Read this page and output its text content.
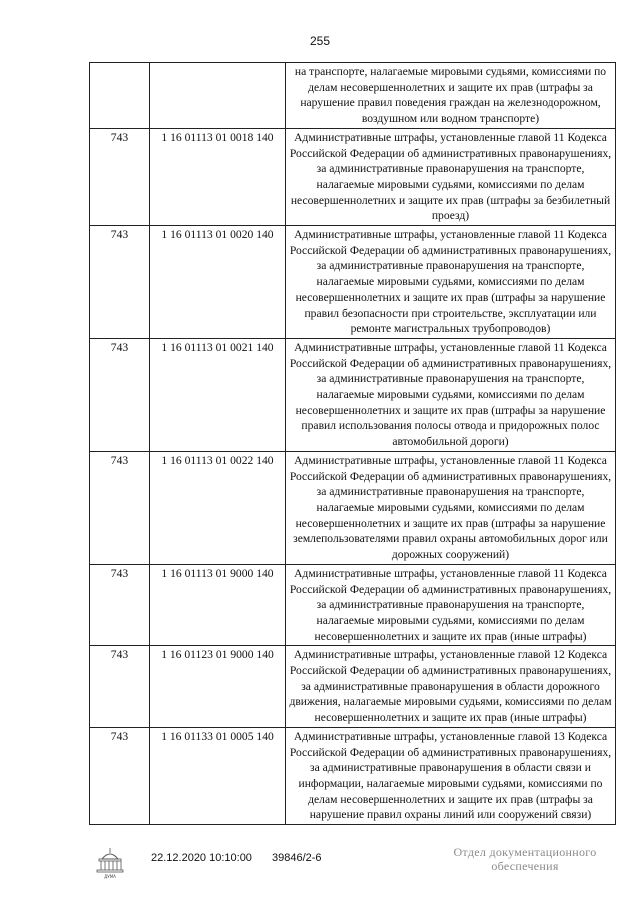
255
		на транспорте, налагаемые мировыми судьями, комиссиями по делам несовершеннолетних и защите их прав (штрафы за нарушение правил поведения граждан на железнодорожном, воздушном или водном транспорте)
743	1 16 01113 01 0018 140	Административные штрафы, установленные главой 11 Кодекса Российской Федерации об административных правонарушениях, за административные правонарушения на транспорте, налагаемые мировыми судьями, комиссиями по делам несовершеннолетних и защите их прав (штрафы за безбилетный проезд)
743	1 16 01113 01 0020 140	Административные штрафы, установленные главой 11 Кодекса Российской Федерации об административных правонарушениях, за административные правонарушения на транспорте, налагаемые мировыми судьями, комиссиями по делам несовершеннолетних и защите их прав (штрафы за нарушение правил безопасности при строительстве, эксплуатации или ремонте магистральных трубопроводов)
743	1 16 01113 01 0021 140	Административные штрафы, установленные главой 11 Кодекса Российской Федерации об административных правонарушениях, за административные правонарушения на транспорте, налагаемые мировыми судьями, комиссиями по делам несовершеннолетних и защите их прав (штрафы за нарушение правил использования полосы отвода и придорожных полос автомобильной дороги)
743	1 16 01113 01 0022 140	Административные штрафы, установленные главой 11 Кодекса Российской Федерации об административных правонарушениях, за административные правонарушения на транспорте, налагаемые мировыми судьями, комиссиями по делам несовершеннолетних и защите их прав (штрафы за нарушение землепользователями правил охраны автомобильных дорог или дорожных сооружений)
743	1 16 01113 01 9000 140	Административные штрафы, установленные главой 11 Кодекса Российской Федерации об административных правонарушениях, за административные правонарушения на транспорте, налагаемые мировыми судьями, комиссиями по делам несовершеннолетних и защите их прав (иные штрафы)
743	1 16 01123 01 9000 140	Административные штрафы, установленные главой 12 Кодекса Российской Федерации об административных правонарушениях, за административные правонарушения в области дорожного движения, налагаемые мировыми судьями, комиссиями по делам несовершеннолетних и защите их прав (иные штрафы)
743	1 16 01133 01 0005 140	Административные штрафы, установленные главой 13 Кодекса Российской Федерации об административных правонарушениях, за административные правонарушения в области связи и информации, налагаемые мировыми судьями, комиссиями по делам несовершеннолетних и защите их прав (штрафы за нарушение правил охраны линий или сооружений связи)
ДУМА
22.12.2020 10:10:00 39846/2-6	Отдел документационного
обеспечения
